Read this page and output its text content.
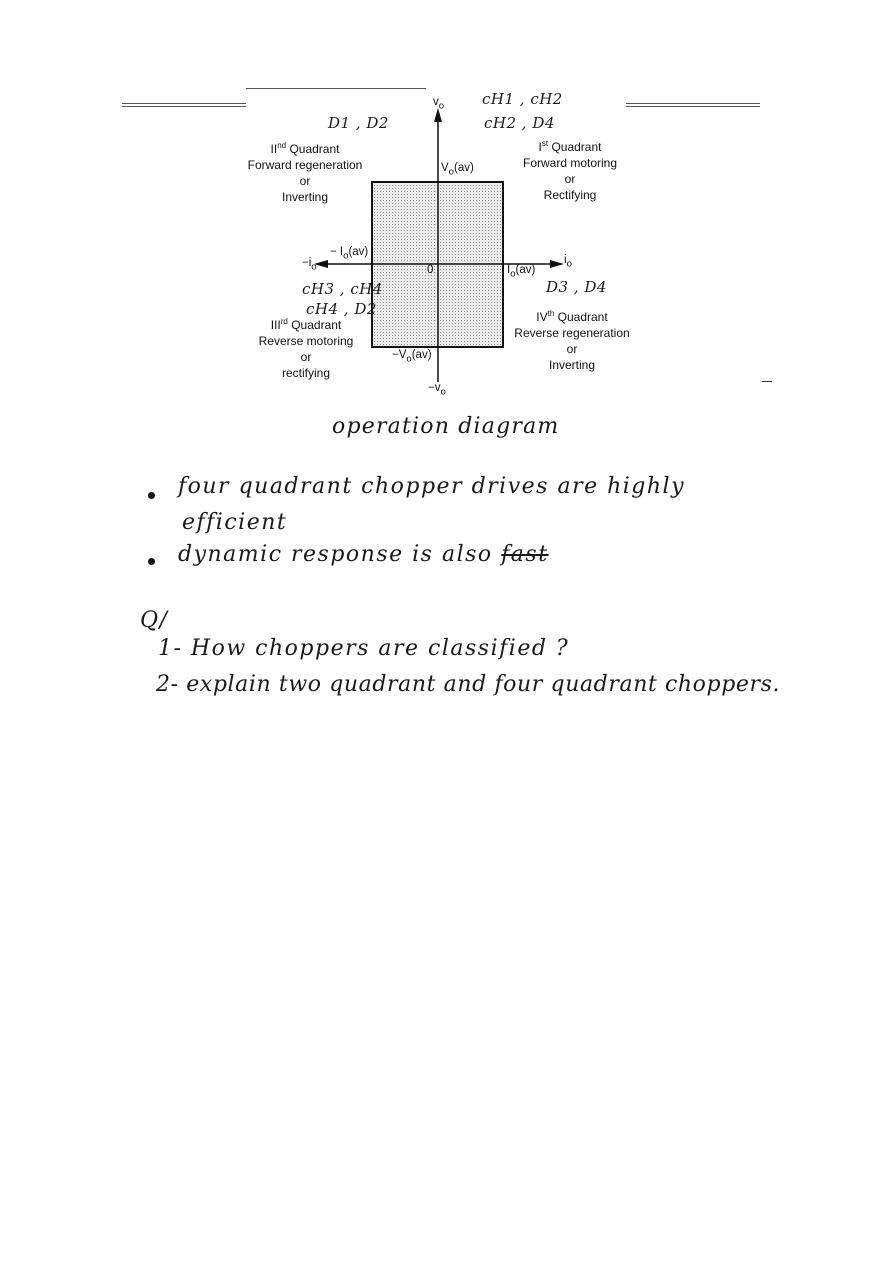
$v_o$
$-v_o$
$i_o$
$-i_o$	0
$V_o(av)$
$-V_o(av)$
$I_o(av)$
− $I_o(av)$
D1 , D2
IInd Quadrant
Forward regeneration
or
Inverting
cH1 , cH2
cH2 , D4
Ist Quadrant
Forward motoring
or
Rectifying
cH3 , cH4
cH4 , D2
IIIrd Quadrant
Reverse motoring
or
rectifying
D3 , D4
IVth Quadrant
Reverse regeneration
or
Inverting
operation diagram
four quadrant chopper drives are highly
efficient
dynamic response is also fast
Q/
1- How choppers are classified ?
2- explain two quadrant and four quadrant choppers.
